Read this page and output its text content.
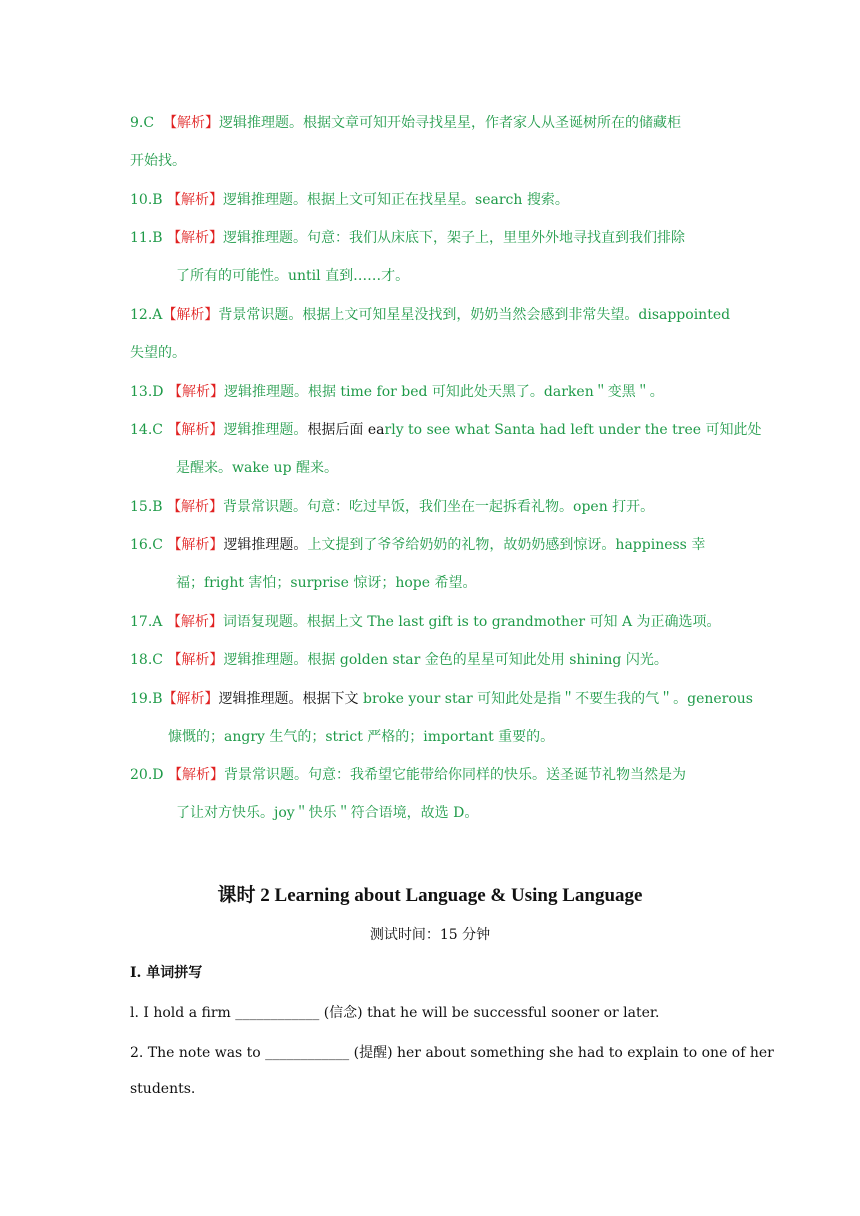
9.C 【解析】逻辑推理题。根据文章可知开始寻找星星，作者家人从圣诞树所在的储藏柜
开始找。
10.B 【解析】逻辑推理题。根据上文可知正在找星星。search 搜索。
11.B 【解析】逻辑推理题。句意：我们从床底下，架子上，里里外外地寻找直到我们排除
了所有的可能性。until 直到……才。
12.A【解析】背景常识题。根据上文可知星星没找到，奶奶当然会感到非常失望。disappointed
失望的。
13.D 【解析】逻辑推理题。根据 time for bed 可知此处天黑了。darken＂变黑＂。
14.C 【解析】逻辑推理题。根据后面 early to see what Santa had left under the tree 可知此处
是醒来。wake up 醒来。
15.B 【解析】背景常识题。句意：吃过早饭，我们坐在一起拆看礼物。open 打开。
16.C 【解析】逻辑推理题。上文提到了爷爷给奶奶的礼物，故奶奶感到惊讶。happiness 幸
福；fright 害怕；surprise 惊讶；hope 希望。
17.A 【解析】词语复现题。根据上文 The last gift is to grandmother 可知 A 为正确选项。
18.C 【解析】逻辑推理题。根据 golden star 金色的星星可知此处用 shining 闪光。
19.B【解析】逻辑推理题。根据下文 broke your star 可知此处是指＂不要生我的气＂。generous
慷慨的；angry 生气的；strict 严格的；important 重要的。
20.D 【解析】背景常识题。句意：我希望它能带给你同样的快乐。送圣诞节礼物当然是为
了让对方快乐。joy＂快乐＂符合语境，故选 D。
课时 2 Learning about Language & Using Language
测试时间：15 分钟
I. 单词拼写
l. I hold a firm ____________ (信念) that he will be successful sooner or later.
2. The note was to ____________ (提醒) her about something she had to explain to one of her
students.
